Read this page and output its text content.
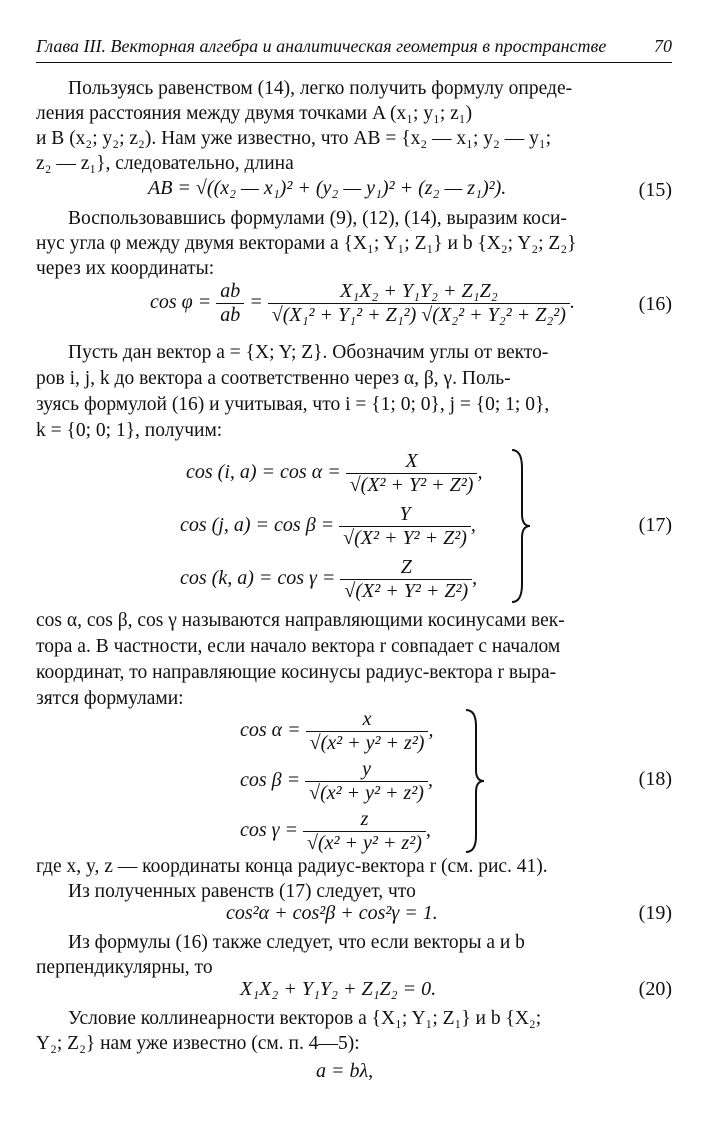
Глава III. Векторная алгебра и аналитическая геометрия в пространстве	70
Пользуясь равенством (14), легко получить формулу опреде-
ления расстояния между двумя точками A (x₁; y₁; z₁)
и B (x₂; y₂; z₂). Нам уже известно, что AB = {x₂ — x₁; y₂ — y₁;
z₂ — z₁}, следовательно, длина
AB = √((x₂ — x₁)² + (y₂ — y₁)² + (z₂ — z₁)²).	(15)
Воспользовавшись формулами (9), (12), (14), выразим коси-
нус угла φ между двумя векторами a {X₁; Y₁; Z₁} и b {X₂; Y₂; Z₂}
через их координаты:
$\cos \varphi = \frac{ab}{ab} = \frac{\text{X₁X₂ + Y₁Y₂ + Z₁Z₂}}{\text{√(X₁² + Y₁² + Z₁²) √(X₂² + Y₂² + Z₂²)}}$ .	(16)
Пусть дан вектор a = {X; Y; Z}. Обозначим углы от векто-
ров i, j, k до вектора a соответственно через α, β, γ. Поль-
зуясь формулой (16) и учитывая, что i = {1; 0; 0}, j = {0; 1; 0},
k = {0; 0; 1}, получим:
cos (i, $a) = \cos \alpha = \frac{X}{\text{√(X² + Y² + Z²)}}$ ,
cos (j, $a) = \cos \beta = \frac{Y}{\text{√(X² + Y² + Z²)}}$ ,
cos (k, $a) = \cos \gamma = \frac{Z}{\text{√(X² + Y² + Z²)}}$ ,
(17)
cos α, cos β, cos γ называются направляющими косинусами век-
тора a. В частности, если начало вектора r совпадает с началом
координат, то направляющие косинусы радиус-вектора r выра-
зятся формулами:
$\cos \alpha = \frac{x}{\text{√(x² + y² + z²)}}$ ,
$\cos \beta = \frac{y}{\text{√(x² + y² + z²)}}$ ,
$\cos \gamma = \frac{z}{\text{√(x² + y² + z²)}}$ ,
(18)
где x, y, z — координаты конца радиус-вектора r (см. рис. 41).
Из полученных равенств (17) следует, что
cos²α + cos²β + cos²γ = 1.	(19)
Из формулы (16) также следует, что если векторы a и b
перпендикулярны, то
X₁X₂ + Y₁Y₂ + Z₁Z₂ = 0.	(20)
Условие коллинеарности векторов a {X₁; Y₁; Z₁} и b {X₂;
Y₂; Z₂} нам уже известно (см. п. 4—5):
a = bλ,
